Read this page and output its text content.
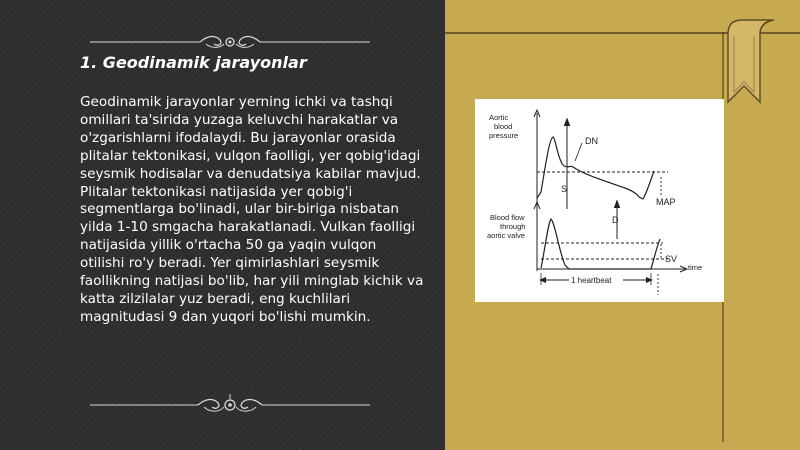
1. Geodinamik jarayonlar

Geodinamik jarayonlar yerning ichki va tashqi omillari ta'sirida yuzaga keluvchi harakatlar va o'zgarishlarni ifodalaydi. Bu jarayonlar orasida plitalar tektonikasi, vulqon faolligi, yer qobig'idagi seysmik hodisalar va denudatsiya kabilar mavjud. Plitalar tektonikasi natijasida yer qobig'i segmentlarga bo'linadi, ular bir-biriga nisbatan yilda 1-10 smgacha harakatlanadi. Vulkan faolligi natijasida yillik o'rtacha 50 ga yaqin vulqon otilishi ro'y beradi. Yer qimirlashlari seysmik faollikning natijasi bo'lib, har yili minglab kichik va katta zilzilalar yuz beradi, eng kuchlilari magnitudasi 9 dan yuqori bo'lishi mumkin.

Aortic
blood
pressure
S
DN
MAP
D
time
Blood flow
through
aortic valve
SV
1 heartbeat
